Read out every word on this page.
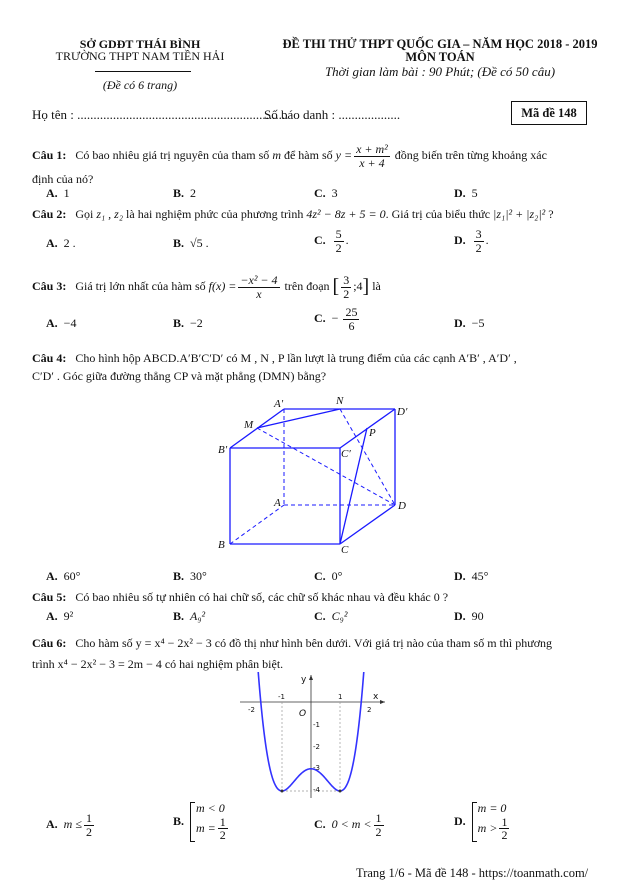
SỞ GDĐT THÁI BÌNH
TRƯỜNG THPT NAM TIỀN HẢI
(Đề có 6 trang)
ĐỀ THI THỬ THPT QUỐC GIA – NĂM HỌC 2018 - 2019
MÔN TOÁN
Thời gian làm bài : 90 Phút; (Đề có 50 câu)
Họ tên : .................................................................
Số báo danh : ...................	Mã đề 148
Câu 1: Có bao nhiêu giá trị nguyên của tham số m để hàm số $y = \frac{\text{x + m²}}{x + 4}$ đồng biến trên từng khoảng xác
định của nó?
A. 1	B. 2	C. 3	D. 5
Câu 2: Gọi z₁ , z₂ là hai nghiệm phức của phương trình 4z² − 8z + 5 = 0. Giá trị của biểu thức |z₁|² + |z₂|² ?
A. 2 .	B. √5 .	C. $\frac{5}{2}$ .	D. $\frac{3}{2}$ .
Câu 3: Giá trị lớn nhất của hàm số $f(x) = \frac{\text{−x² − 4}}{x}$ trên đoạn [ $\frac{3}{2}$ ;4] là
A. −4	B. −2	C. − $\frac{25}{6}$	D. −5
Câu 4: Cho hình hộp ABCD.A′B′C′D′ có M , N , P lần lượt là trung điểm của các cạnh A′B′ , A′D′ ,
C′D′ . Góc giữa đường thẳng CP và mặt phẳng (DMN) bằng?
A′	N
D′
M
P
B′	C′
A	D
B	C
A. 60°	B. 30°	C. 0°	D. 45°
Câu 5: Có bao nhiêu số tự nhiên có hai chữ số, các chữ số khác nhau và đều khác 0 ?
A. 9²	B. A₉²	C. C₉²	D. 90
Câu 6: Cho hàm số y = x⁴ − 2x² − 3 có đồ thị như hình bên dưới. Với giá trị nào của tham số m thì phương
trình x⁴ − 2x² − 3 = 2m − 4 có hai nghiệm phân biệt.
x
y
O
-2
-1	1
2
-1
-2
-3
-4
A. $m \le \frac{1}{2}$	B.
m < 0
$m = \frac{1}{2}$	C. $0 < m < \frac{1}{2}$	D.
m = 0
$m > \frac{1}{2}$
Trang 1/6 - Mã đề 148 - https://toanmath.com/
